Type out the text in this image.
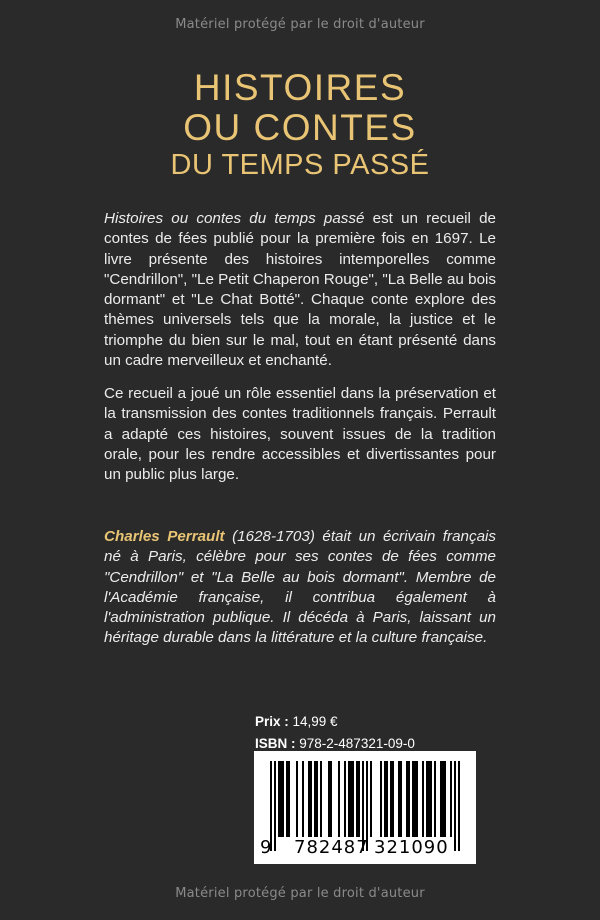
Matériel protégé par le droit d'auteur
HISTOIRES
OU CONTES
DU TEMPS PASSÉ
Histoires ou contes du temps passé est un recueil de contes de fées publié pour la première fois en 1697. Le livre présente des histoires intemporelles comme "Cendrillon", "Le Petit Chaperon Rouge", "La Belle au bois dormant" et "Le Chat Botté". Chaque conte explore des thèmes universels tels que la morale, la justice et le triomphe du bien sur le mal, tout en étant présenté dans un cadre merveilleux et enchanté.
Ce recueil a joué un rôle essentiel dans la préservation et la transmission des contes traditionnels français. Perrault a adapté ces histoires, souvent issues de la tradition orale, pour les rendre accessibles et divertissantes pour un public plus large.
Charles Perrault (1628-1703) était un écrivain français né à Paris, célèbre pour ses contes de fées comme "Cendrillon" et "La Belle au bois dormant". Membre de l'Académie française, il contribua également à l'administration publique. Il décéda à Paris, laissant un héritage durable dans la littérature et la culture française.
Prix : 14,99 €
ISBN : 978-2-487321-09-0
9 782487 321090
Matériel protégé par le droit d'auteur
